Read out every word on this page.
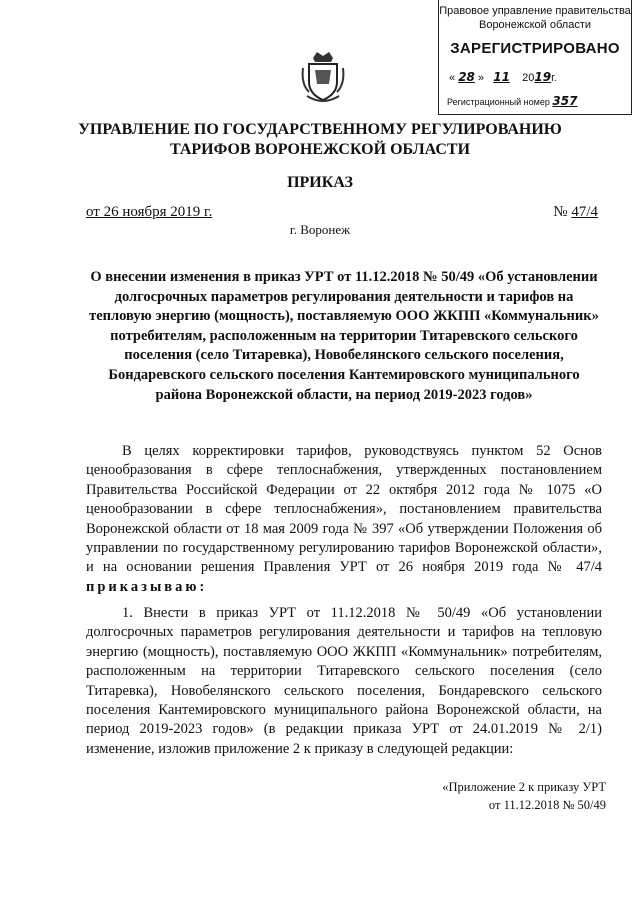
Правовое управление правительства
Воронежской области
ЗАРЕГИСТРИРОВАНО
« 28 »   11 2019г.
Регистрационный номер 357
УПРАВЛЕНИЕ ПО ГОСУДАРСТВЕННОМУ РЕГУЛИРОВАНИЮ
ТАРИФОВ ВОРОНЕЖСКОЙ ОБЛАСТИ
ПРИКАЗ
от 26 ноября 2019 г.	№ 47/4
г. Воронеж
О внесении изменения в приказ УРТ от 11.12.2018 № 50/49 «Об установлении долгосрочных параметров регулирования деятельности и тарифов на тепловую энергию (мощность), поставляемую ООО ЖКПП «Коммунальник» потребителям, расположенным на территории Титаревского сельского поселения (село Титаревка), Новобелянского сельского поселения, Бондаревского сельского поселения Кантемировского муниципального района Воронежской области, на период 2019-2023 годов»

В целях корректировки тарифов, руководствуясь пунктом 52 Основ ценообразования в сфере теплоснабжения, утвержденных постановлением Правительства Российской Федерации от 22 октября 2012 года № 1075 «О ценообразовании в сфере теплоснабжения», постановлением правительства Воронежской области от 18 мая 2009 года № 397 «Об утверждении Положения об управлении по государственному регулированию тарифов Воронежской области», и на основании решения Правления УРТ от 26 ноября 2019 года № 47/4 приказываю:

1. Внести в приказ УРТ от 11.12.2018 № 50/49 «Об установлении долгосрочных параметров регулирования деятельности и тарифов на тепловую энергию (мощность), поставляемую ООО ЖКПП «Коммунальник» потребителям, расположенным на территории Титаревского сельского поселения (село Титаревка), Новобелянского сельского поселения, Бондаревского сельского поселения Кантемировского муниципального района Воронежской области, на период 2019-2023 годов» (в редакции приказа УРТ от 24.01.2019 № 2/1) изменение, изложив приложение 2 к приказу в следующей редакции:

«Приложение 2 к приказу УРТ
от 11.12.2018 № 50/49
